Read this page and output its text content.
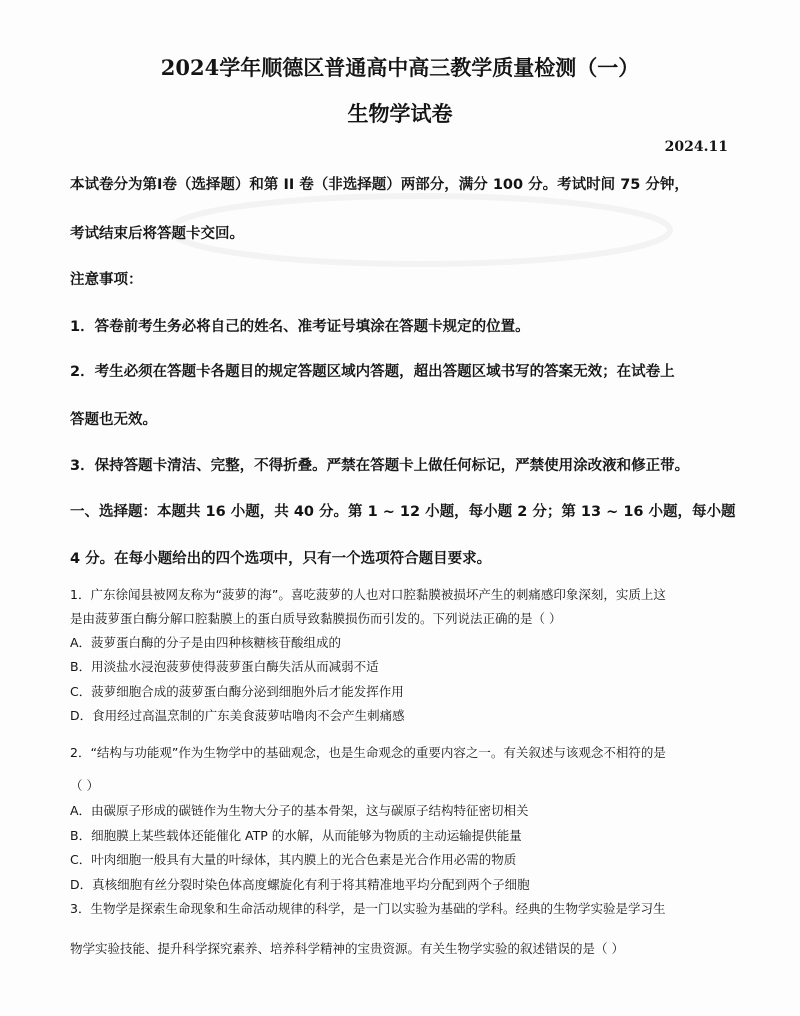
2024学年顺德区普通高中高三教学质量检测（一）
生物学试卷
2024.11
本试卷分为第Ⅰ卷（选择题）和第 II 卷（非选择题）两部分，满分 100 分。考试时间 75 分钟，
考试结束后将答题卡交回。
注意事项：
1．答卷前考生务必将自己的姓名、准考证号填涂在答题卡规定的位置。
2．考生必须在答题卡各题目的规定答题区域内答题，超出答题区域书写的答案无效；在试卷上
答题也无效。
3．保持答题卡清洁、完整，不得折叠。严禁在答题卡上做任何标记，严禁使用涂改液和修正带。
一、选择题：本题共 16 小题，共 40 分。第 1 ~ 12 小题，每小题 2 分；第 13 ~ 16 小题，每小题
4 分。在每小题给出的四个选项中，只有一个选项符合题目要求。
1．广东徐闻县被网友称为“菠萝的海”。喜吃菠萝的人也对口腔黏膜被损坏产生的刺痛感印象深刻，实质上这
是由菠萝蛋白酶分解口腔黏膜上的蛋白质导致黏膜损伤而引发的。下列说法正确的是（ ）
A．菠萝蛋白酶的分子是由四种核糖核苷酸组成的
B．用淡盐水浸泡菠萝使得菠萝蛋白酶失活从而减弱不适
C．菠萝细胞合成的菠萝蛋白酶分泌到细胞外后才能发挥作用
D．食用经过高温烹制的广东美食菠萝咕噜肉不会产生刺痛感
2．“结构与功能观”作为生物学中的基础观念，也是生命观念的重要内容之一。有关叙述与该观念不相符的是
（ ）
A．由碳原子形成的碳链作为生物大分子的基本骨架，这与碳原子结构特征密切相关
B．细胞膜上某些载体还能催化 ATP 的水解，从而能够为物质的主动运输提供能量
C．叶肉细胞一般具有大量的叶绿体，其内膜上的光合色素是光合作用必需的物质
D．真核细胞有丝分裂时染色体高度螺旋化有利于将其精准地平均分配到两个子细胞
3．生物学是探索生命现象和生命活动规律的科学，是一门以实验为基础的学科。经典的生物学实验是学习生
物学实验技能、提升科学探究素养、培养科学精神的宝贵资源。有关生物学实验的叙述错误的是（ ）
